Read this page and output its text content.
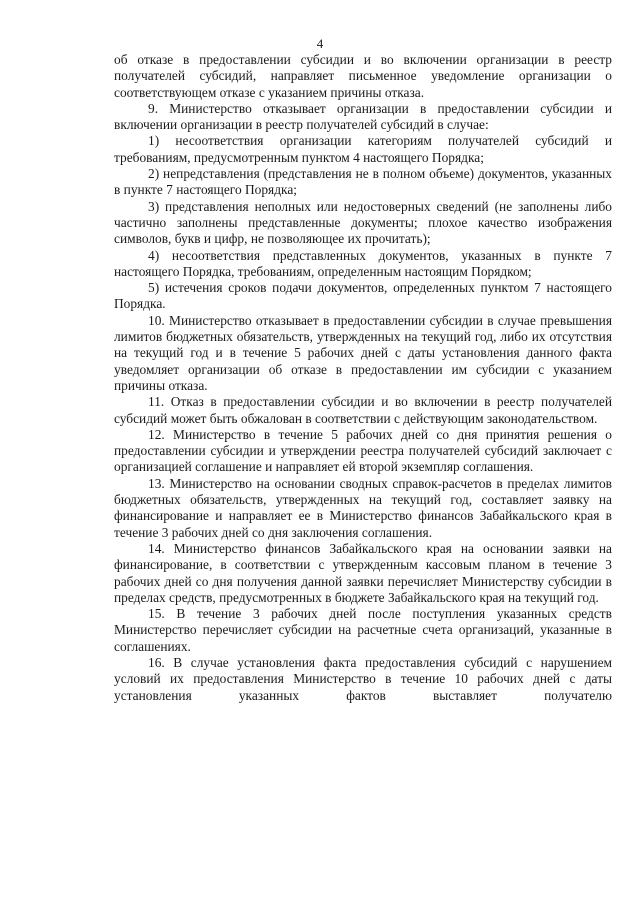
4

об отказе в предоставлении субсидии и во включении организации в реестр получателей субсидий, направляет письменное уведомление организации о соответствующем отказе с указанием причины отказа.

9. Министерство отказывает организации в предоставлении субсидии и включении организации в реестр получателей субсидий в случае:

1) несоответствия организации категориям получателей субсидий и требованиям, предусмотренным пунктом 4 настоящего Порядка;

2) непредставления (представления не в полном объеме) документов, указанных в пункте 7 настоящего Порядка;

3) представления неполных или недостоверных сведений (не заполнены либо частично заполнены представленные документы; плохое качество изображения символов, букв и цифр, не позволяющее их прочитать);

4) несоответствия представленных документов, указанных в пункте 7 настоящего Порядка, требованиям, определенным настоящим Порядком;

5) истечения сроков подачи документов, определенных пунктом 7 настоящего Порядка.

10. Министерство отказывает в предоставлении субсидии в случае превышения лимитов бюджетных обязательств, утвержденных на текущий год, либо их отсутствия на текущий год и в течение 5 рабочих дней с даты установления данного факта уведомляет организации об отказе в предоставлении им субсидии с указанием причины отказа.

11. Отказ в предоставлении субсидии и во включении в реестр получателей субсидий может быть обжалован в соответствии с действующим законодательством.

12. Министерство в течение 5 рабочих дней со дня принятия решения о предоставлении субсидии и утверждении реестра получателей субсидий заключает с организацией соглашение и направляет ей второй экземпляр соглашения.

13. Министерство на основании сводных справок-расчетов в пределах лимитов бюджетных обязательств, утвержденных на текущий год, составляет заявку на финансирование и направляет ее в Министерство финансов Забайкальского края в течение 3 рабочих дней со дня заключения соглашения.

14. Министерство финансов Забайкальского края на основании заявки на финансирование, в соответствии с утвержденным кассовым планом в течение 3 рабочих дней со дня получения данной заявки перечисляет Министерству субсидии в пределах средств, предусмотренных в бюджете Забайкальского края на текущий год.

15. В течение 3 рабочих дней после поступления указанных средств Министерство перечисляет субсидии на расчетные счета организаций, указанные в соглашениях.

16. В случае установления факта предоставления субсидий с нарушением условий их предоставления Министерство в течение 10 рабочих дней с даты установления указанных фактов выставляет получателю
